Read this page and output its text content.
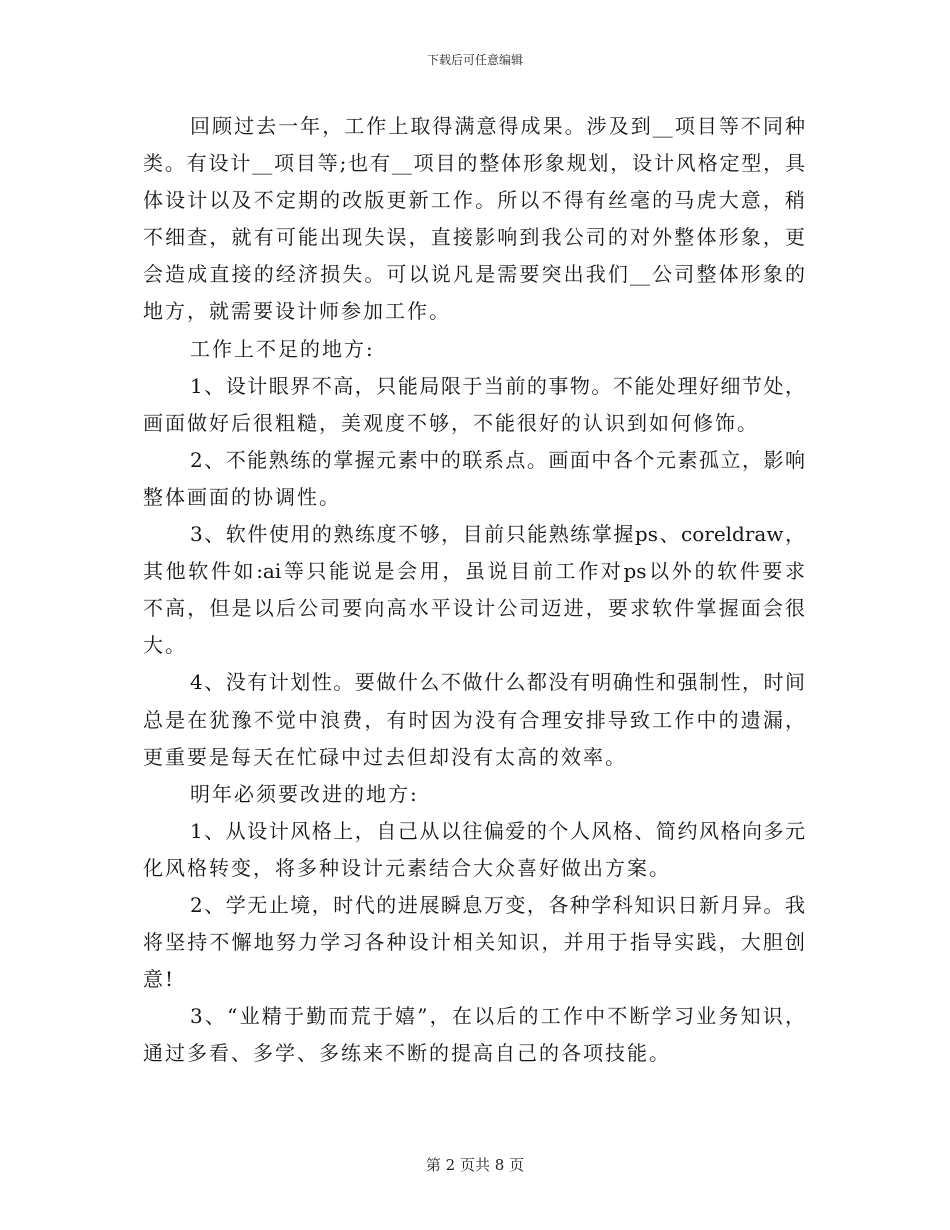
下载后可任意编辑
回顾过去一年，工作上取得满意得成果。涉及到__项目等不同种
类。有设计__项目等;也有__项目的整体形象规划，设计风格定型，具
体设计以及不定期的改版更新工作。所以不得有丝毫的马虎大意，稍
不细查，就有可能出现失误，直接影响到我公司的对外整体形象，更
会造成直接的经济损失。可以说凡是需要突出我们__公司整体形象的
地方，就需要设计师参加工作。
工作上不足的地方:
1、设计眼界不高，只能局限于当前的事物。不能处理好细节处，
画面做好后很粗糙，美观度不够，不能很好的认识到如何修饰。
2、不能熟练的掌握元素中的联系点。画面中各个元素孤立，影响
整体画面的协调性。
3、软件使用的熟练度不够，目前只能熟练掌握ps、coreldraw，
其他软件如:ai等只能说是会用，虽说目前工作对ps以外的软件要求
不高，但是以后公司要向高水平设计公司迈进，要求软件掌握面会很
大。
4、没有计划性。要做什么不做什么都没有明确性和强制性，时间
总是在犹豫不觉中浪费，有时因为没有合理安排导致工作中的遗漏，
更重要是每天在忙碌中过去但却没有太高的效率。
明年必须要改进的地方:
1、从设计风格上，自己从以往偏爱的个人风格、简约风格向多元
化风格转变，将多种设计元素结合大众喜好做出方案。
2、学无止境，时代的进展瞬息万变，各种学科知识日新月异。我
将坚持不懈地努力学习各种设计相关知识，并用于指导实践，大胆创
意!
3、“业精于勤而荒于嬉”，在以后的工作中不断学习业务知识，
通过多看、多学、多练来不断的提高自己的各项技能。
第 2 页共 8 页
